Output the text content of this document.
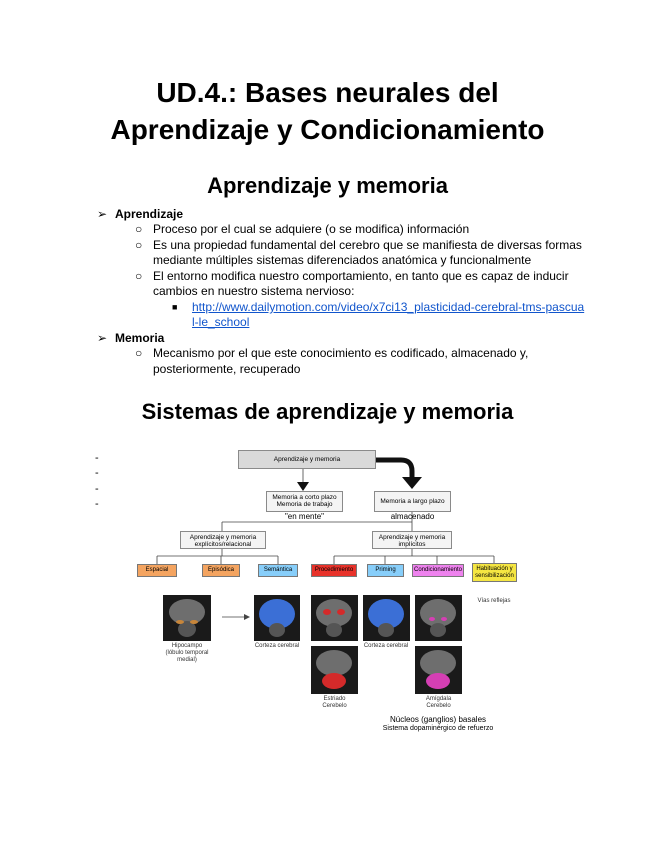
UD.4.: Bases neurales del
Aprendizaje y Condicionamiento
Aprendizaje y memoria
➢ Aprendizaje
○ Proceso por el cual se adquiere (o se modifica) información
○ Es una propiedad fundamental del cerebro que se manifiesta de diversas formas
mediante múltiples sistemas diferenciados anatómica y funcionalmente
○ El entorno modifica nuestro comportamiento, en tanto que es capaz de inducir
cambios en nuestro sistema nervioso:
■ http://www.dailymotion.com/video/x7ci13_plasticidad-cerebral-tms-pascua
l-le_school
➢ Memoria
○ Mecanismo por el que este conocimiento es codificado, almacenado y,
posteriormente, recuperado
Sistemas de aprendizaje y memoria
-
-
-
-
Aprendizaje y memoria
Memoria a corto plazo
Memoria de trabajo
"en mente"
Memoria a largo plazo
almacenado
Aprendizaje y memoria
explícitos/relacional
Aprendizaje y memoria
implícitos
Espacial	Episódica	Semántica	Procedimiento	Priming	Condicionamiento	Habituación y sensibilización
Hipocampo
(lóbulo temporal
medial)
Corteza cerebral	Corteza cerebral
Vías reflejas
Estriado
Cerebelo
Amígdala
Cerebelo
Núcleos (ganglios) basales
Sistema dopaminérgico de refuerzo
